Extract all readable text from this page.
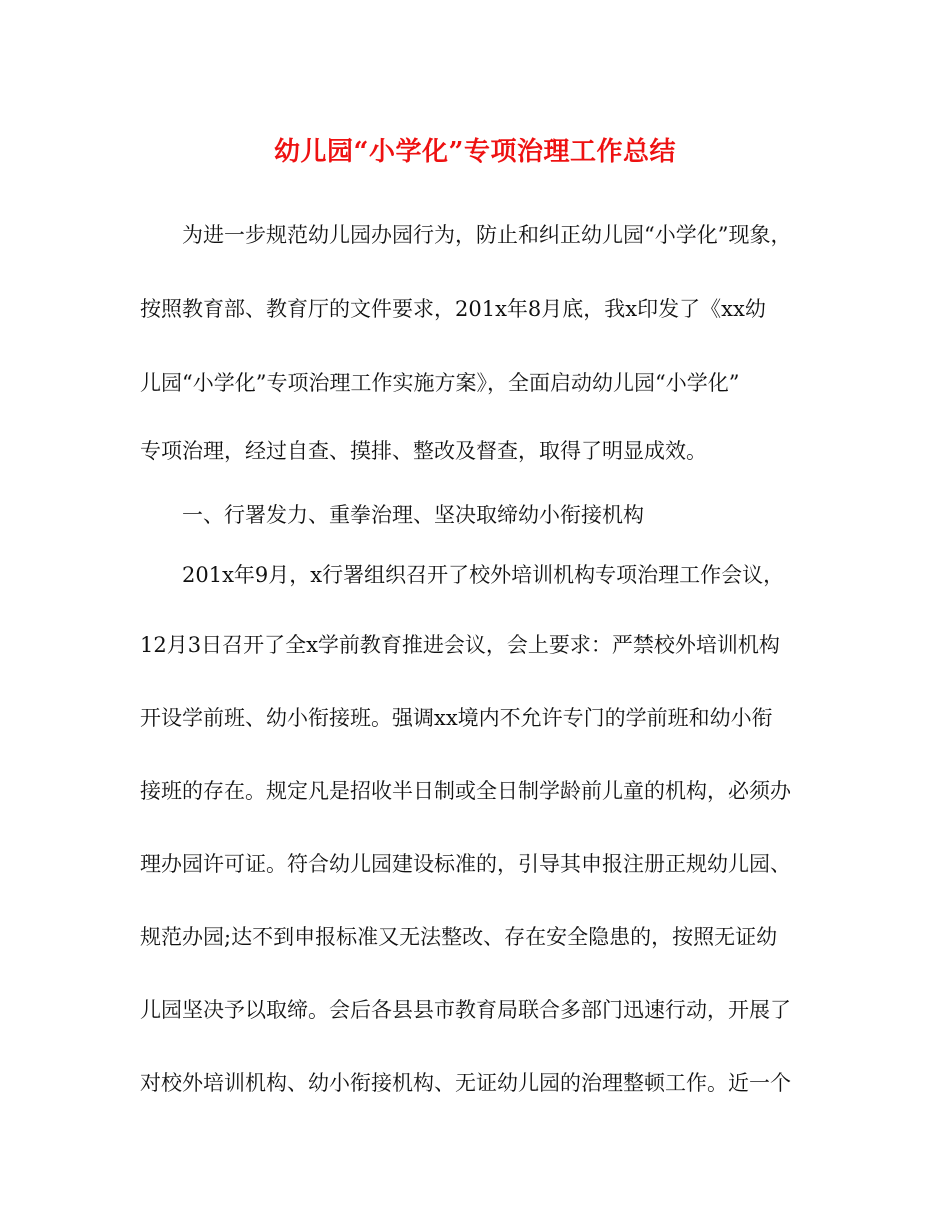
幼儿园“小学化”专项治理工作总结

为进一步规范幼儿园办园行为，防止和纠正幼儿园“小学化”现象，

按照教育部、教育厅的文件要求，201x年8月底，我x印发了《xx幼

儿园“小学化”专项治理工作实施方案》，全面启动幼儿园“小学化”

专项治理，经过自查、摸排、整改及督查，取得了明显成效。

一、行署发力、重拳治理、坚决取缔幼小衔接机构

201x年9月，x行署组织召开了校外培训机构专项治理工作会议，

12月3日召开了全x学前教育推进会议，会上要求：严禁校外培训机构

开设学前班、幼小衔接班。强调xx境内不允许专门的学前班和幼小衔

接班的存在。规定凡是招收半日制或全日制学龄前儿童的机构，必须办

理办园许可证。符合幼儿园建设标准的，引导其申报注册正规幼儿园、

规范办园;达不到申报标准又无法整改、存在安全隐患的，按照无证幼

儿园坚决予以取缔。会后各县县市教育局联合多部门迅速行动，开展了

对校外培训机构、幼小衔接机构、无证幼儿园的治理整顿工作。近一个
